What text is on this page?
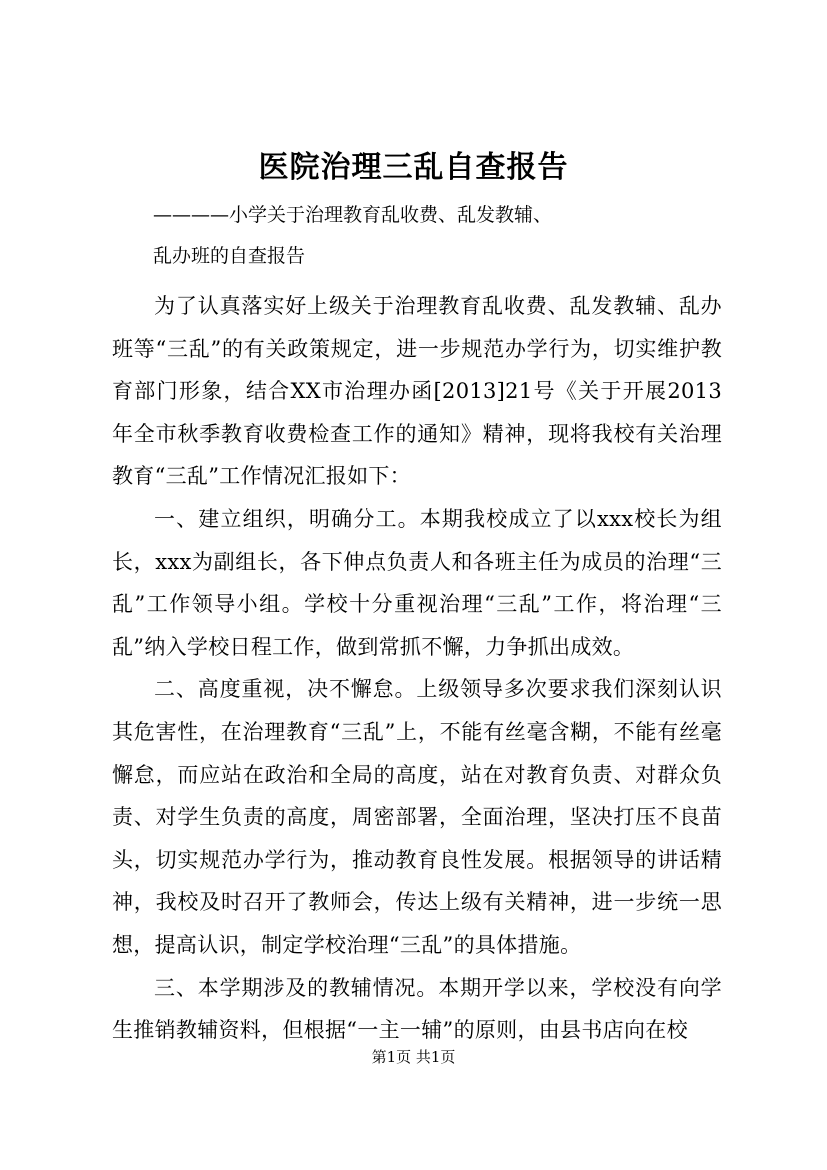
医院治理三乱自查报告
————小学关于治理教育乱收费、乱发教辅、
乱办班的自查报告

为了认真落实好上级关于治理教育乱收费、乱发教辅、乱办班等“三乱”的有关政策规定，进一步规范办学行为，切实维护教育部门形象，结合XX市治理办函[2013]21号《关于开展2013年全市秋季教育收费检查工作的通知》精神，现将我校有关治理教育“三乱”工作情况汇报如下：

一、建立组织，明确分工。本期我校成立了以xxx校长为组长，xxx为副组长，各下伸点负责人和各班主任为成员的治理“三乱”工作领导小组。学校十分重视治理“三乱”工作，将治理“三乱”纳入学校日程工作，做到常抓不懈，力争抓出成效。

二、高度重视，决不懈怠。上级领导多次要求我们深刻认识其危害性，在治理教育“三乱”上，不能有丝毫含糊，不能有丝毫懈怠，而应站在政治和全局的高度，站在对教育负责、对群众负责、对学生负责的高度，周密部署，全面治理，坚决打压不良苗头，切实规范办学行为，推动教育良性发展。根据领导的讲话精神，我校及时召开了教师会，传达上级有关精神，进一步统一思想，提高认识，制定学校治理“三乱”的具体措施。

三、本学期涉及的教辅情况。本期开学以来，学校没有向学生推销教辅资料，但根据“一主一辅”的原则，由县书店向在校

第1页 共1页
